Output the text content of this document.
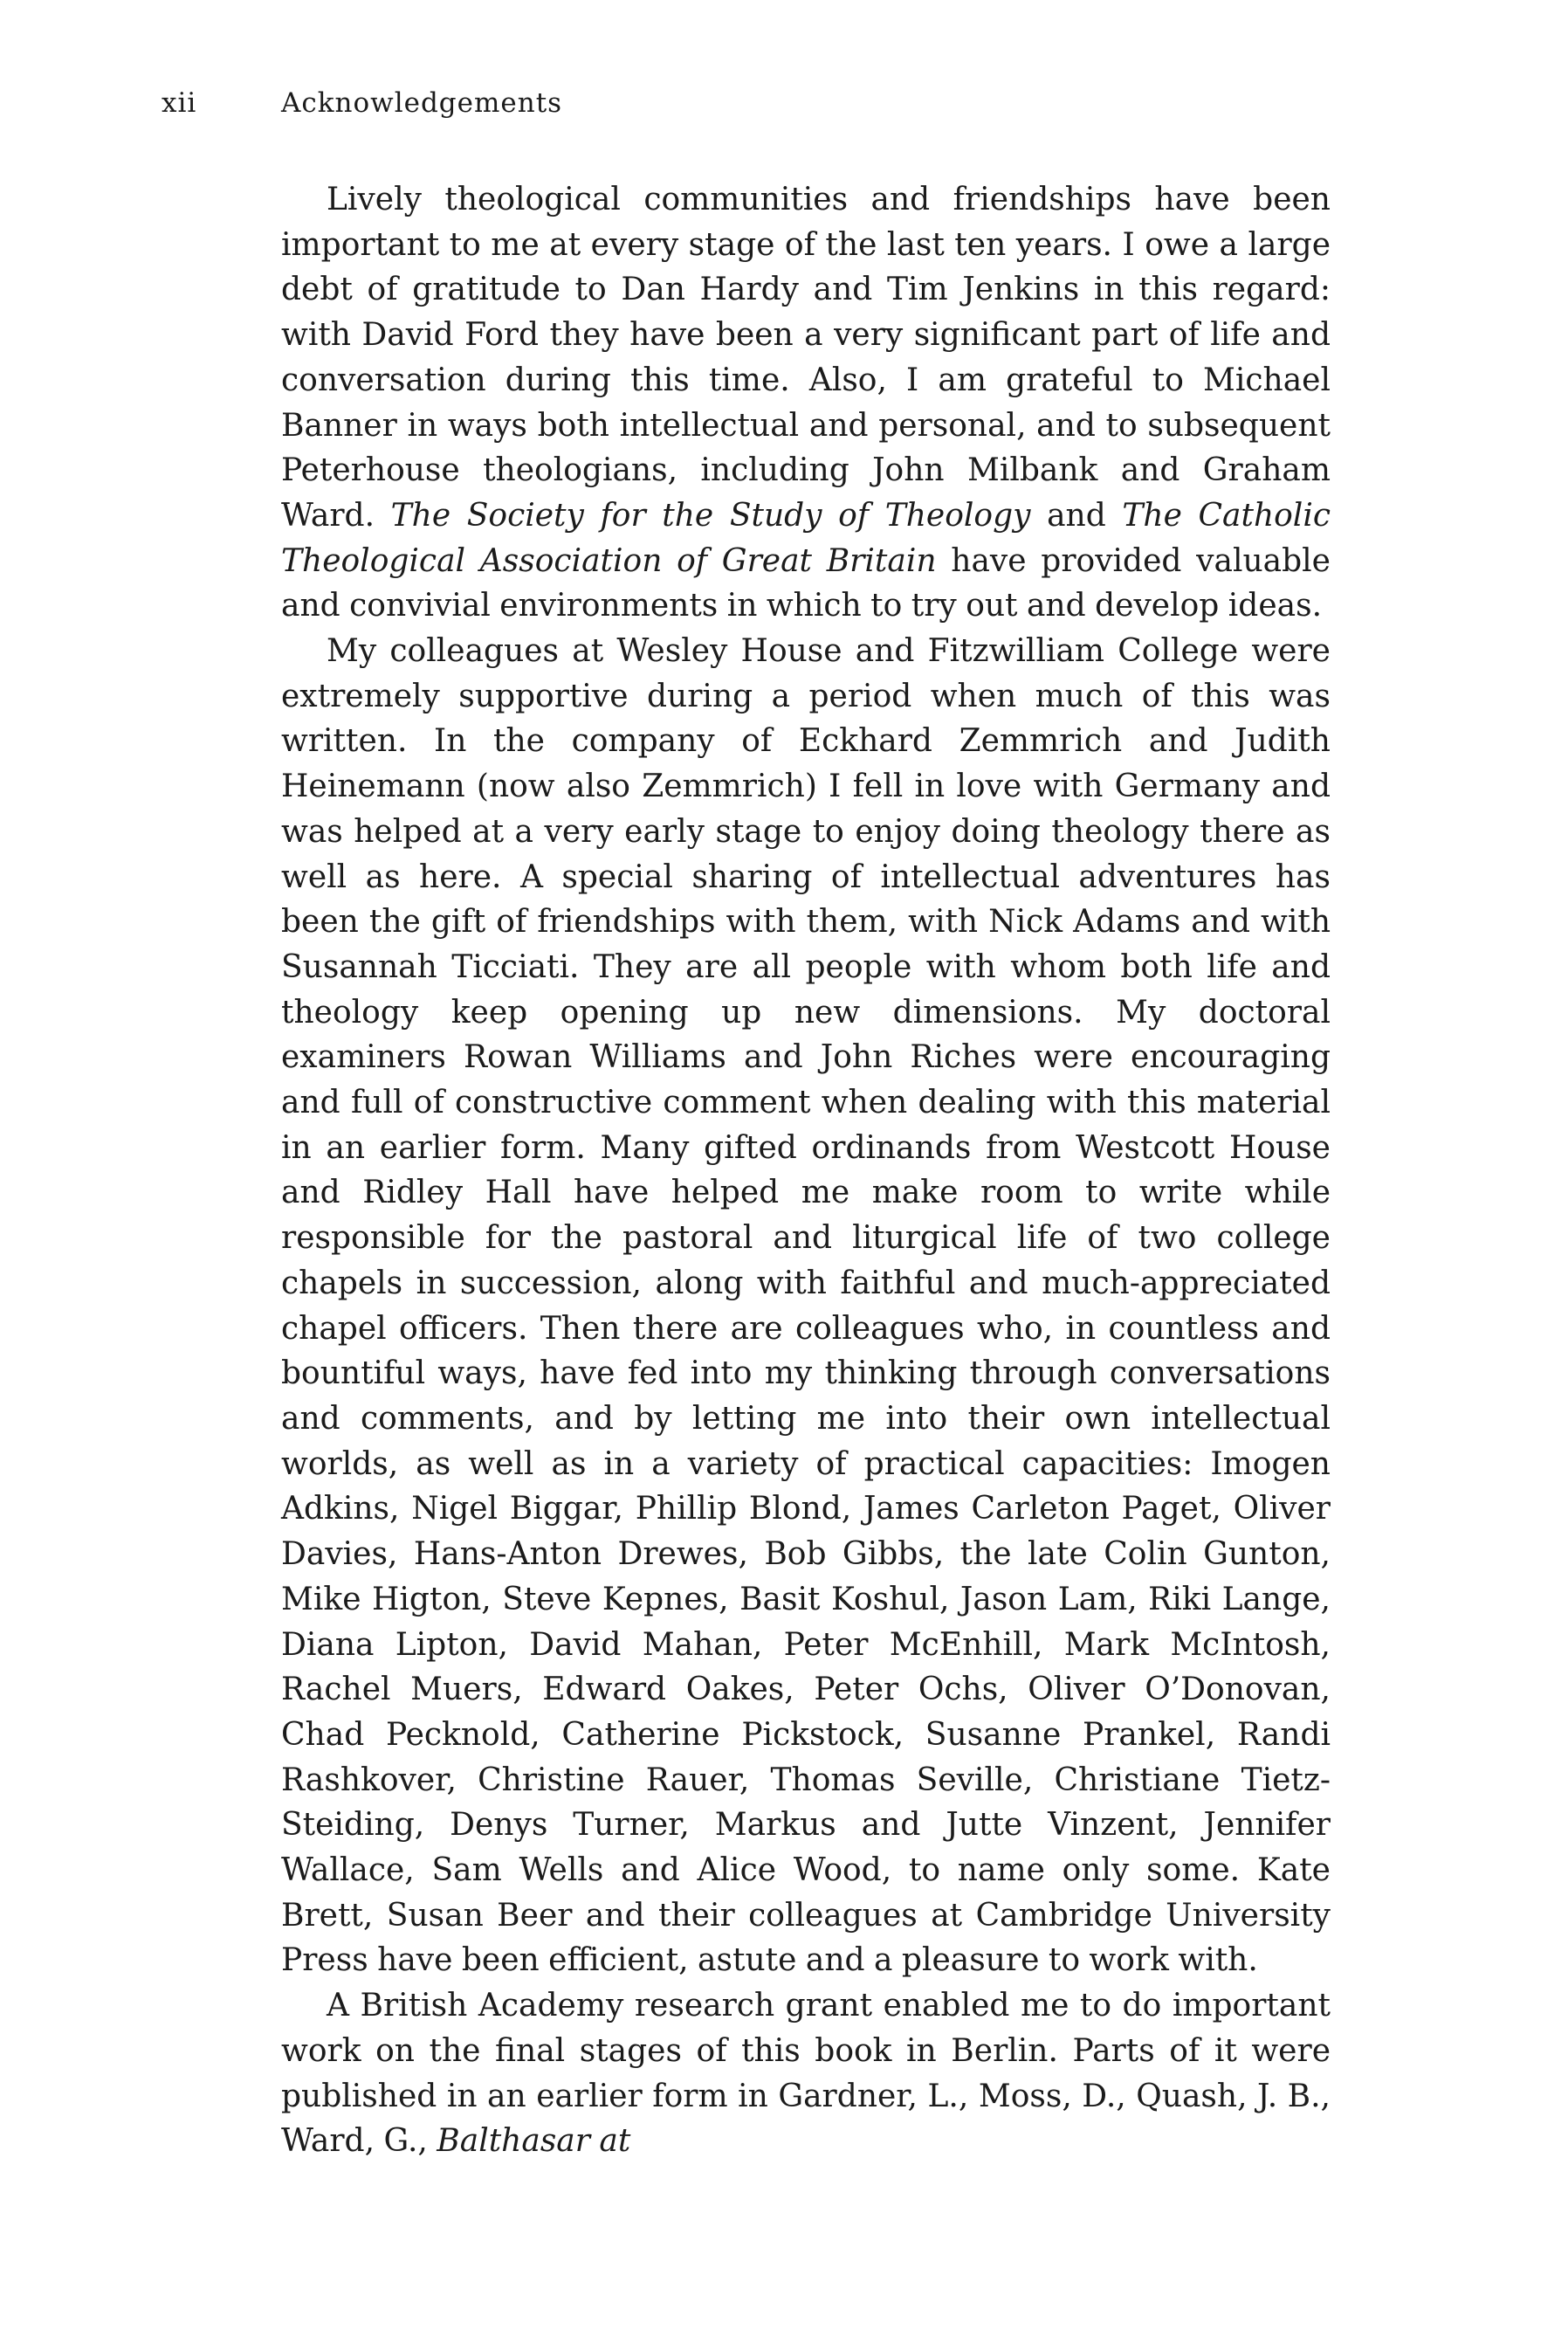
xii	Acknowledgements

Lively theological communities and friendships have been important to me at every stage of the last ten years. I owe a large debt of gratitude to Dan Hardy and Tim Jenkins in this regard: with David Ford they have been a very significant part of life and conversation during this time. Also, I am grateful to Michael Banner in ways both intellectual and personal, and to subsequent Peterhouse theologians, including John Milbank and Graham Ward. The Society for the Study of Theology and The Catholic Theological Association of Great Britain have provided valuable and convivial environments in which to try out and develop ideas.

My colleagues at Wesley House and Fitzwilliam College were extremely supportive during a period when much of this was written. In the company of Eckhard Zemmrich and Judith Heinemann (now also Zemmrich) I fell in love with Germany and was helped at a very early stage to enjoy doing theology there as well as here. A special sharing of intellectual adventures has been the gift of friendships with them, with Nick Adams and with Susannah Ticciati. They are all people with whom both life and theology keep opening up new dimensions. My doctoral examiners Rowan Williams and John Riches were encouraging and full of constructive comment when dealing with this material in an earlier form. Many gifted ordinands from Westcott House and Ridley Hall have helped me make room to write while responsible for the pastoral and liturgical life of two college chapels in succession, along with faithful and much-appreciated chapel officers. Then there are colleagues who, in countless and bountiful ways, have fed into my thinking through conversations and comments, and by letting me into their own intellectual worlds, as well as in a variety of practical capacities: Imogen Adkins, Nigel Biggar, Phillip Blond, James Carleton Paget, Oliver Davies, Hans-Anton Drewes, Bob Gibbs, the late Colin Gunton, Mike Higton, Steve Kepnes, Basit Koshul, Jason Lam, Riki Lange, Diana Lipton, David Mahan, Peter McEnhill, Mark McIntosh, Rachel Muers, Edward Oakes, Peter Ochs, Oliver O’Donovan, Chad Pecknold, Catherine Pickstock, Susanne Prankel, Randi Rashkover, Christine Rauer, Thomas Seville, Christiane Tietz-Steiding, Denys Turner, Markus and Jutte Vinzent, Jennifer Wallace, Sam Wells and Alice Wood, to name only some. Kate Brett, Susan Beer and their colleagues at Cambridge University Press have been efficient, astute and a pleasure to work with.

A British Academy research grant enabled me to do important work on the final stages of this book in Berlin. Parts of it were published in an earlier form in Gardner, L., Moss, D., Quash, J. B., Ward, G., Balthasar at
